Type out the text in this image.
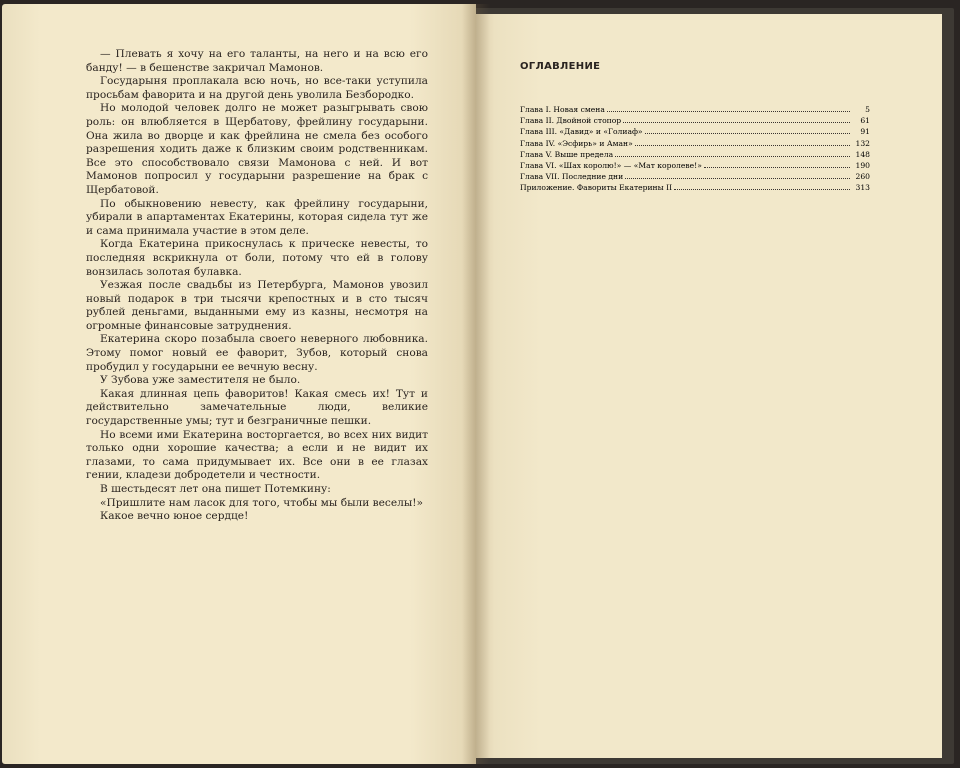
— Плевать я хочу на его таланты, на него и на всю его банду! — в бешенстве закричал Мамонов.

Государыня проплакала всю ночь, но все-таки уступила просьбам фаворита и на другой день уволила Безбородко.

Но молодой человек долго не может разыгрывать свою роль: он влюбляется в Щербатову, фрейлину государыни. Она жила во дворце и как фрейлина не смела без особого разрешения ходить даже к близким своим родственникам. Все это способствовало связи Мамонова с ней. И вот Мамонов попросил у государыни разрешение на брак с Щербатовой.

По обыкновению невесту, как фрейлину государыни, убирали в апартаментах Екатерины, которая сидела тут же и сама принимала участие в этом деле.

Когда Екатерина прикоснулась к прическе невесты, то последняя вскрикнула от боли, потому что ей в голову вонзилась золотая булавка.

Уезжая после свадьбы из Петербурга, Мамонов увозил новый подарок в три тысячи крепостных и в сто тысяч рублей деньгами, выданными ему из казны, несмотря на огромные финансовые затруднения.

Екатерина скоро позабыла своего неверного любовника. Этому помог новый ее фаворит, Зубов, который снова пробудил у государыни ее вечную весну.

У Зубова уже заместителя не было.

Какая длинная цепь фаворитов! Какая смесь их! Тут и действительно замечательные люди, великие государственные умы; тут и безграничные пешки.

Но всеми ими Екатерина восторгается, во всех них видит только одни хорошие качества; а если и не видит их глазами, то сама придумывает их. Все они в ее глазах гении, кладези добродетели и честности.

В шестьдесят лет она пишет Потемкину:

«Пришлите нам ласок для того, чтобы мы были веселы!»

Какое вечно юное сердце!

ОГЛАВЛЕНИЕ
Глава I. Новая смена	5
Глава II. Двойной стопор	61
Глава III. «Давид» и «Голиаф»	91
Глава IV. «Эсфирь» и Аман»	132
Глава V. Выше предела	148
Глава VI. «Шах королю!» — «Мат королеве!»	190
Глава VII. Последние дни	260
Приложение. Фавориты Екатерины II	313
